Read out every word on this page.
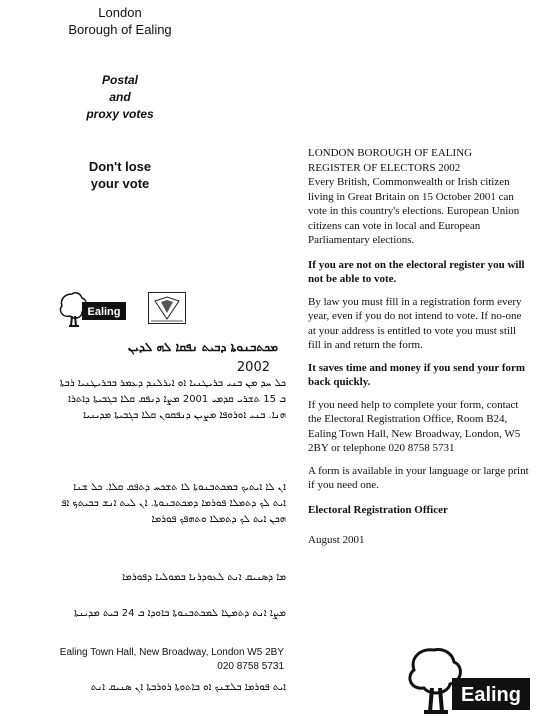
London
Borough of Ealing
Postal
and
proxy votes
Don't lose
your vote
Ealing
ܡܟܬܒܢܘܬܐ ܕܒܝܬ ܢܦܩܐ ܠܗ ܠܕܝܢ
2002
ܟܠ ܚܕ ܡܢ ܒܢܝ ܒܪܝܛܢܝܐ ܐܘ ܐܝܪܠܢܕ ܕܥܡܪ ܒܒܪܝܛܢܝܐ ܪܒܬܐ ܒ 15 ܬܫܪܝ ܩܕܡܝ 2001 ܡܨܐ ܕܢܦܩ ܩܠܐ ܒܓܒܝܬܐ ܕܐܬܪܐ ܗܢܐ. ܒܢܝ ܐܘܪܘܦܐ ܡܨܝܢ ܕܢܦܩܘܢ ܩܠܐ ܒܓܒܝܬܐ ܡܕܝܢܝܐ
ܐܢ ܠܐ ܐܝܬܝܟ ܒܡܟܬܒܢܘܬܐ ܠܐ ܬܫܟܚ ܕܬܦܩ ܩܠܐ. ܟܠ ܫܢܐ ܐܝܬ ܠܟ ܕܬܡܠܐ ܦܘܪܡܐ ܕܡܟܬܒܢܘܬܐ. ܐܢ ܠܝܬ ܐܢܫ ܒܒܝܬܟ ܐܦ ܗܟܢ ܐܝܬ ܠܟ ܕܬܡܠܐ ܘܬܗܦܟ ܦܘܪܡܐ
ܡܐ ܕܣܢܝܩ ܐܢܬ ܠܥܘܕܪܢܐ ܒܡܘܠܝܐ ܕܦܘܪܡܐ
ܡܨܐ ܐܢܬ ܕܬܡܛܐ ܠܡܟܬܒܢܘܬܐ ܒܐܘܕܐ ܒ 24 ܒܝܬ ܡܕܝܢܬܐ
Ealing Town Hall, New Broadway, London W5 2BY
020 8758 5731
ܐܝܬ ܦܘܪܡܐ ܒܠܫܢܟ ܐܘ ܒܐܬܘܬܐ ܪܘܪܒܬܐ ܐܢ ܣܢܝܩ ܐܢܬ

LONDON BOROUGH OF EALING
REGISTER OF ELECTORS 2002

Every British, Commonwealth or Irish citizen living in Great Britain on 15 October 2001 can vote in this country's elections. European Union citizens can vote in local and European Parliamentary elections.

If you are not on the electoral register you will not be able to vote.

By law you must fill in a registration form every year, even if you do not intend to vote. If no-one at your address is entitled to vote you must still fill in and return the form.

It saves time and money if you send your form back quickly.

If you need help to complete your form, contact the Electoral Registration Office, Room B24, Ealing Town Hall, New Broadway, London, W5 2BY or telephone 020 8758 5731

A form is available in your language or large print if you need one.

Electoral Registration Officer

August 2001

Ealing
